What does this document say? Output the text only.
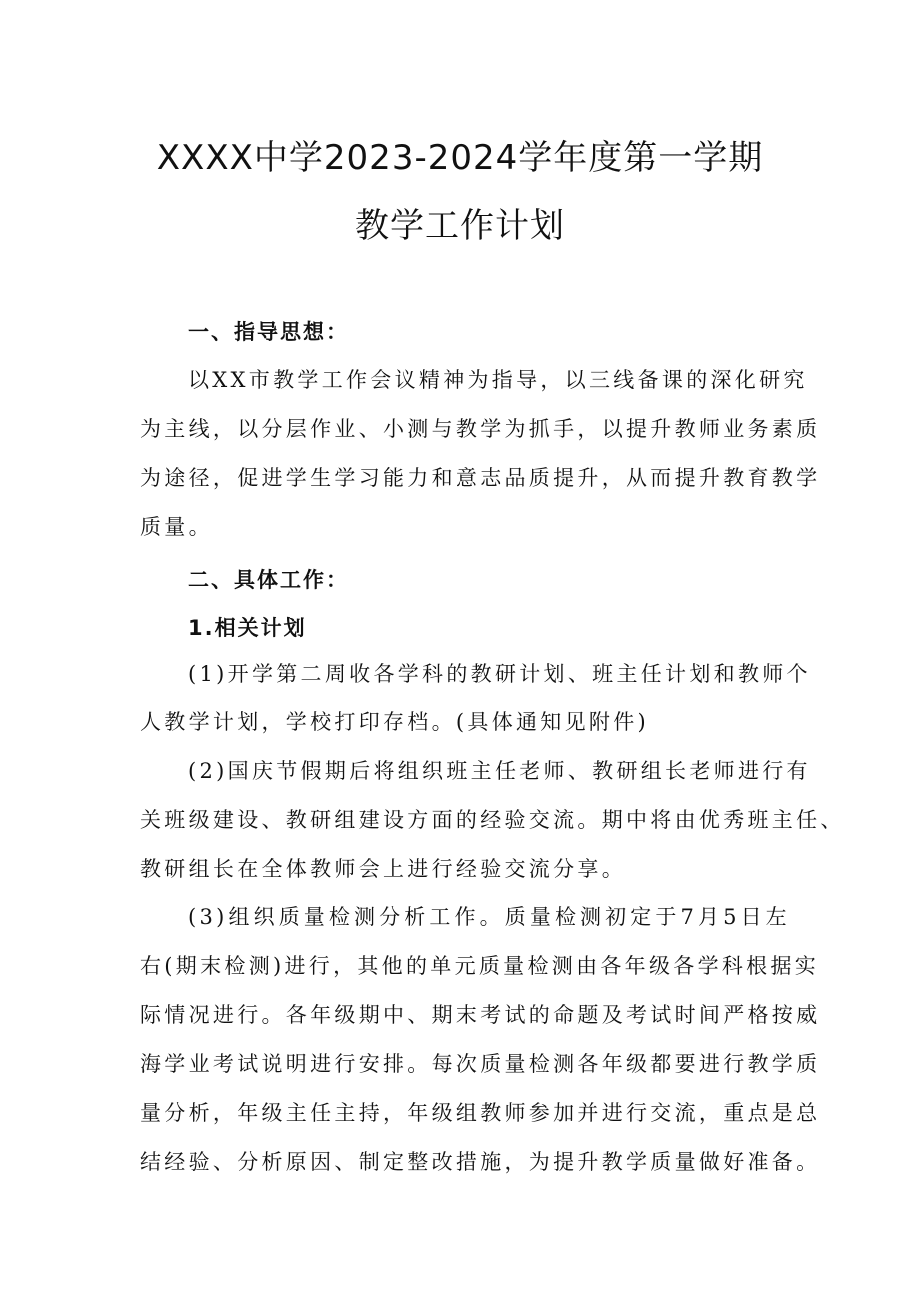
XXXX中学2023-2024学年度第一学期
教学工作计划
一、指导思想：
以XX市教学工作会议精神为指导，以三线备课的深化研究
为主线，以分层作业、小测与教学为抓手，以提升教师业务素质
为途径，促进学生学习能力和意志品质提升，从而提升教育教学
质量。
二、具体工作：
1.相关计划
(1)开学第二周收各学科的教研计划、班主任计划和教师个
人教学计划，学校打印存档。(具体通知见附件)
(2)国庆节假期后将组织班主任老师、教研组长老师进行有
关班级建设、教研组建设方面的经验交流。期中将由优秀班主任、
教研组长在全体教师会上进行经验交流分享。
(3)组织质量检测分析工作。质量检测初定于7月5日左
右(期末检测)进行，其他的单元质量检测由各年级各学科根据实
际情况进行。各年级期中、期末考试的命题及考试时间严格按威
海学业考试说明进行安排。每次质量检测各年级都要进行教学质
量分析，年级主任主持，年级组教师参加并进行交流，重点是总
结经验、分析原因、制定整改措施，为提升教学质量做好准备。
